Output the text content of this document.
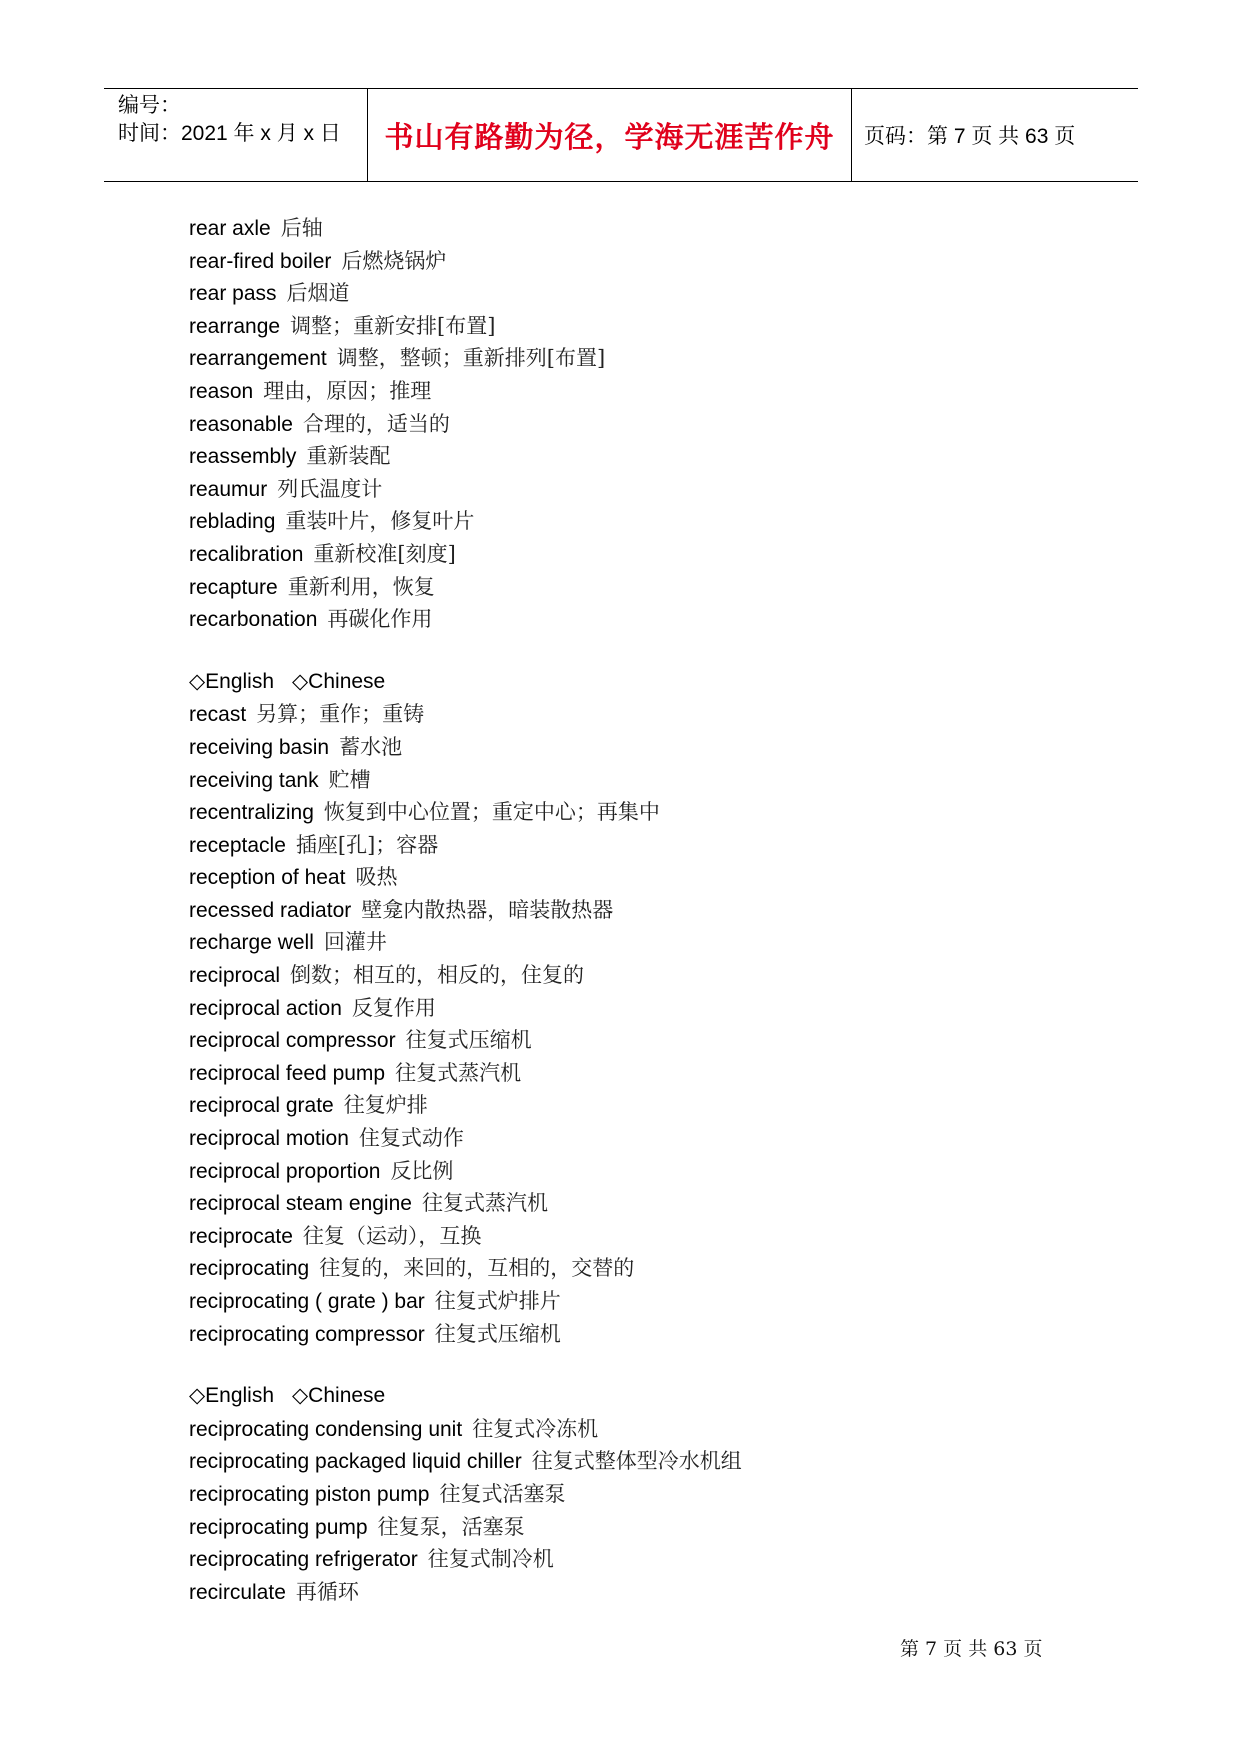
编号：
时间：2021 年 x 月 x 日 书山有路勤为径，学海无涯苦作舟 页码：第 7 页 共 63 页
rear axle 后轴
rear-fired boiler 后燃烧锅炉
rear pass 后烟道
rearrange 调整；重新安排[布置]
rearrangement 调整，整顿；重新排列[布置]
reason 理由，原因；推理
reasonable 合理的，适当的
reassembly 重新装配
reaumur 列氏温度计
reblading 重装叶片，修复叶片
recalibration 重新校准[刻度]
recapture 重新利用，恢复
recarbonation 再碳化作用
◇English ◇Chinese
recast 另算；重作；重铸
receiving basin 蓄水池
receiving tank 贮槽
recentralizing 恢复到中心位置；重定中心；再集中
receptacle 插座[孔]；容器
reception of heat 吸热
recessed radiator 壁龛内散热器，暗装散热器
recharge well 回灌井
reciprocal 倒数；相互的，相反的，住复的
reciprocal action 反复作用
reciprocal compressor 往复式压缩机
reciprocal feed pump 往复式蒸汽机
reciprocal grate 往复炉排
reciprocal motion 住复式动作
reciprocal proportion 反比例
reciprocal steam engine 往复式蒸汽机
reciprocate 往复（运动），互换
reciprocating 往复的，来回的，互相的，交替的
reciprocating ( grate ) bar 往复式炉排片
reciprocating compressor 往复式压缩机
◇English ◇Chinese
reciprocating condensing unit 往复式冷冻机
reciprocating packaged liquid chiller 往复式整体型冷水机组
reciprocating piston pump 往复式活塞泵
reciprocating pump 往复泵，活塞泵
reciprocating refrigerator 往复式制冷机
recirculate 再循环
第 7 页 共 63 页
